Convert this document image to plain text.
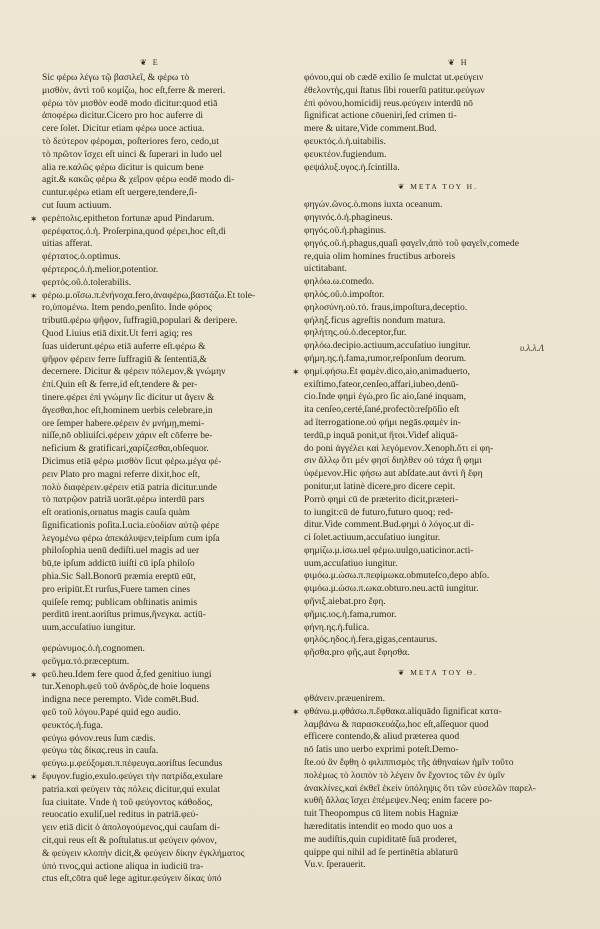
❦ E	❦ H
Sic φέρω λέγω τῷ βασιλεῖ, & φέρω τὸ
μισθὸν, ἀντὶ τοῦ κομίζω, hoc eſt,ferre & mereri.
φέρω τὸν μισθὸν eodē modo dicitur:quod etiā
ἀποφέρω dicitur.Cicero pro hoc auferre di
cere ſolet. Dicitur etiam φέρω uoce actiua.
τὸ δεύτερον φέρομαι, poſteriores fero, cedo,ut
τὸ πρῶτον ἴσχει eſt uinci & ſuperari in ludo uel
alia re.καλῶς φέρω dicitur is quicum bene
agit.& κακῶς φέρω & χεῖρον φέρω eodē modo di-
cuntur.φέρω etiam eſt uergere,tendere,ſi-
cut ſuum actiuum.
✶ φερέπολις.epitheton fortunæ apud Pindarum.
φερέφατος.ὁ.ἡ. Proſerpina,quod φέρει,hoc eſt,di
uitias afferat.
φέρτατος.ὁ.optimus.
φέρτερος.ὁ.ἡ.melior,potentior.
φερτός.οῦ.ὁ.tolerabilis.
✶ φέρω.μ.οἴσω.π.ἐνήνοχα.fero,ἀναφέρω,βαστάζω.Et tole-
ro,ὑπομένω. Item pendo,penſito. Inde φόρος
tributū.φέρω ψῆφον, ſuffragiū,populari & deripere.
Quod Liuius etiā dixit.Ut ferri agiq; res
ſuas uiderunt.φέρω etiā auferre eſt.φέρω &
ψῆφον φέρειν ferre ſuffragiū & ſententiā,&
decernere. Dicitur & φέρειν πόλεμον,& γνώμην
ἐπί.Quin eſt & ferre,id eſt,tendere & per-
tinere.φέρει ἐπὶ γνώμην ſic dicitur ut ἄγειν &
ἄγεσθαι,hoc eſt,hominem uerbis celebrare,in
ore ſemper habere.φέρειν ἐν μνήμῃ,memi-
niſſe,nō obliuiſci.φέρειν χάριν eſt cōferre be-
neficium & gratificari,χαρίζεσθαι,obſequor.
Dicimus etiā φέρω μισθὸν ſicut φέρω.μέγα φέ-
ρειν Plato pro magni referre dixit,hoc eſt,
πολὺ διαφέρειν.φέρειν etiā patria dicitur.unde
τὸ πατρῷον patriā uorāt.φέρω interdū pars
eſt orationis,ornatus magis cauſa quàm
ſignificationis poſita.Lucia.εὐοδίαν αὐτῷ φέρε
λεγομένω φέρω ἀπεκάλυψεν,teipſum cum ipſa
philoſophia uenū dediſti.uel magis ad uer
bū,te ipſum addictū iuiſti cū ipſa philoſo
phia.Sic Sall.Bonorū præmia ereptū eūt,
pro eripiūt.Et rurſus,Fuere tamen cines
quiſeſe remq; publicam obſtinatis animis
perditū irent.aoriſtus primus,ἤνεγκα. actiū-
uum,accuſatiuo iungitur.
φερώνυμος.ὁ.ἡ.cognomen.
φεῦγμα.τό.præceptum.
✶ φεῦ.heu.Idem fere quod ἆ,fed genitiuo iungi
tur.Xenoph.φεῦ τοῦ ἀνδρὸς,de hoie loquens
indigna nece peremptο. Vide comēt.Bud.
φεῦ τοῦ λόγου.Papé quid ego audio.
φευκτός.ἡ.fuga.
φεύγω φόνον.reus ſum cædis.
φεύγω τὰς δίκας.reus in cauſa.
φεύγω.μ.φεύξομαι.π.πέφευγα.aoriſtus ſecundus
✶ ἔφυγον.fugio,exulo.φεύγει τὴν πατρίδα,exulare
patria.καὶ φεύγειν τὰς πόλεις dicitur,qui exulat
ſua ciuitate. Vnde ἡ τοῦ φεύγοντος κάθοδος,
reuocatio exuliſ,uel reditus in patriā.φεύ-
γειν etiā dicit ὁ ἀπολογούμενος,qui cauſam di-
cit,qui reus eſt & poſtulatus.ut φεύγειν φόνον,
& φεύγειν κλοπὴν dicit,& φεύγειν δίκην ἐγκλήματος
ὑπό τινος,qui actione aliqua in iudiciū tra-
ctus eſt,cōtra quē lege agitur.φεύγειν δίκας ὑπό
φόνου,qui ob cædē exilio ſe mulctat ut.φεύγειν
ἐθελοντὴς,qui ſtatus ſibi rouerſū patitur.φεύγων
ἐπὶ φόνου,homicidij reus.φεύγειν interdū nō
ſignificat actione cōueniri,ſed crimen ti-
mere & uitare,Vide comment.Bud.
φευκτός.ὁ.ἡ.uitabilis.
φευκτέον.fugiendum.
φεψάλυξ.υγος.ἡ.ſcintilla.
❦ ΜΕΤΑ ΤΟΥ Η.
φηγών.ῶνος.ὁ.mons iuxta oceanum.
φηγινός.ὁ.ἡ.phagineus.
φηγός.οῦ.ἡ.phaginus.
φηγός.οῦ.ἡ.phagus,quaſi φαγεῖν,ἀπὸ τοῦ φαγεῖν,comede
re,quia olim homines fructibus arboreis
uictitabant.
φηλόω.ω.comedo.
φηλός.οῦ.ὁ.impoſtor.
φηλοσύνη.οὐ.τό. fraus,impoſtura,deceptio.
φήληξ.ficus agreſtis nondum matura.
φηλήτης.οὐ.ὁ.deceptor,fur.
φηλόω.decipio.actiuum,accuſatiuo iungitur.
φήμη.ης.ἡ.fama,rumor,reſponſum deorum.
✶ φημί.φήσω.Et φαμὲν.dico,aio,animaduerto,
exiſtimo,fateor,cenſeo,affari,iubeo,denū-
cio.Inde φημὶ ἐγὼ,pro ſic aio,ſané inquam,
ita cenſeo,certé,ſané,profectò:reſpōſio eſt
ad ïterrogatione.οὐ φήμι negās.φαμὲν in-
terdū,p inquā ponit,ut ἤτοι.Videf aliquā-
do poni ἀγγέλει καὶ λεγόμενον.Xenoph.ὅτι εἰ φη-
σιν ἄλλῳ ὅτι μέν φησί διηλθεν οὐ τάχα ἢ φημι
ὑφέμενον.Hic φήσω aut abſdate.aut ἀντὶ ἢ ἔφη
ponitur,ut latinè dicere,pro dicere cepit.
Porrò φημὶ cū de præterito dicit,præteri-
to iungit:cū de futuro,futuro quoq; red-
ditur.Vide comment.Bud.φημὶ ὁ λόγος.ut di-
ci ſolet.actiuum,accuſatiuo iungitur.
φημίζω.μ.ίσω.uel φέμω.uulgo,uaticinor.acti-
uum,accuſatiuo iungitur.
φιμόω.μ.ώσω.π.πεφίμωκα.obmuteſco,depo abſo.
φιμόω.μ.ώσω.π.ωκα.obturo.neu.actū iungitur.
φῆνιξ.aiebat.pro ἔφη.
φῆμις.ιος.ἡ.fama,rumor.
φήνη.ης.ἡ.fulica.
φηλός.ηδος.ἡ.fera,gigas,centaurus.
φῆσθα.pro φῆς,aut ἔφησθα.
❦ ΜΕΤΑ ΤΟΥ Θ.
φθάνειν.præuenirem.
✶ φθάνω.μ.φθάσω.π.ἔφθακα.aliquādo ſignificat κατα-
λαμβάνω & παρασκευάζω,hoc eſt,aſſequor quod
efficere contendo,& aliud præterea quod
nō ſatis uno uerbo exprimi poteſt.Demo-
ſte.οὐ ἂν ἔφθη ὁ φιλιππισμὸς τῆς ἀθηναίων ἡμῖν τοῦτο
πολέμως τὸ λοιπὸν τὸ λέγειν ὅν ἔχοντος τῶν ἐν ὑμῖν
ἀνακλίνες,καὶ ἐκθεῖ ἐκείν ὑπόληψις ὅτι τῶν εὐσελῶν παρελ-
κυθῆ ἄλλας ἴσχει ἐπέμεψεν.Neq; enim facere po-
tuit Theopompus cū litem nobis Hagniæ
hæreditatis intendit eo modo quo uos a
me audiſtis,quin cupiditatē ſuā proderet,
quippe qui nihil ad ſe pertinētia ablaturū
Vu.v. ſperauerit.
υ.λ.λ.Λ
